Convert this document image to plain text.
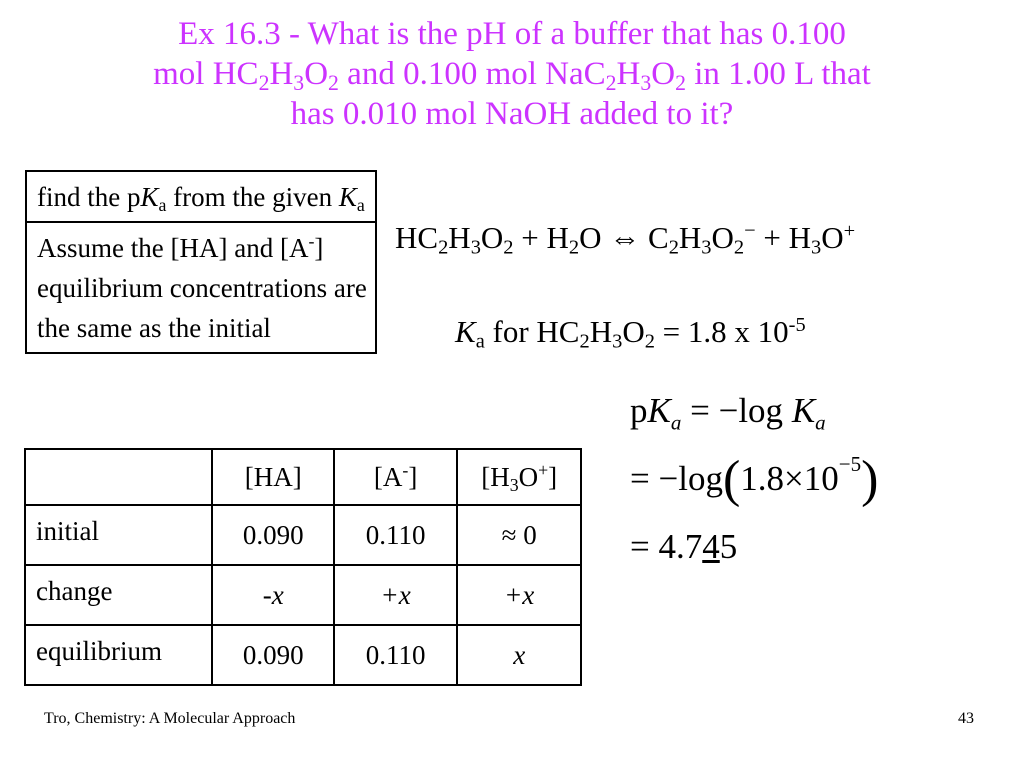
Ex 16.3 - What is the pH of a buffer that has 0.100
mol $HC_2H_3O_2$ and 0.100 mol $NaC_2H_3O_2$ in 1.00 L that
has 0.010 mol NaOH added to it?
find the $pK_a$ from the given $K_a$
Assume the [HA] and [A-] equilibrium concentrations are the same as the initial
	[HA]	[A-]	$[H_3O^+]$
initial	0.090	0.110	≈ 0
change	-x	+x	+x
equilibrium	0.090	0.110	x
$HC_2H_3O_2 + H_2O$ ⇔ $C_2H_3O_2^- + H_3O^+$
$K_a$ for $HC_2H_3O_2 = 1.8$ x $10^{-5}$
$pK_a = -\log$ $K_a$
= $-\log(1.8\times 10^{-5})$
= 4.745
Tro, Chemistry: A Molecular Approach	43
